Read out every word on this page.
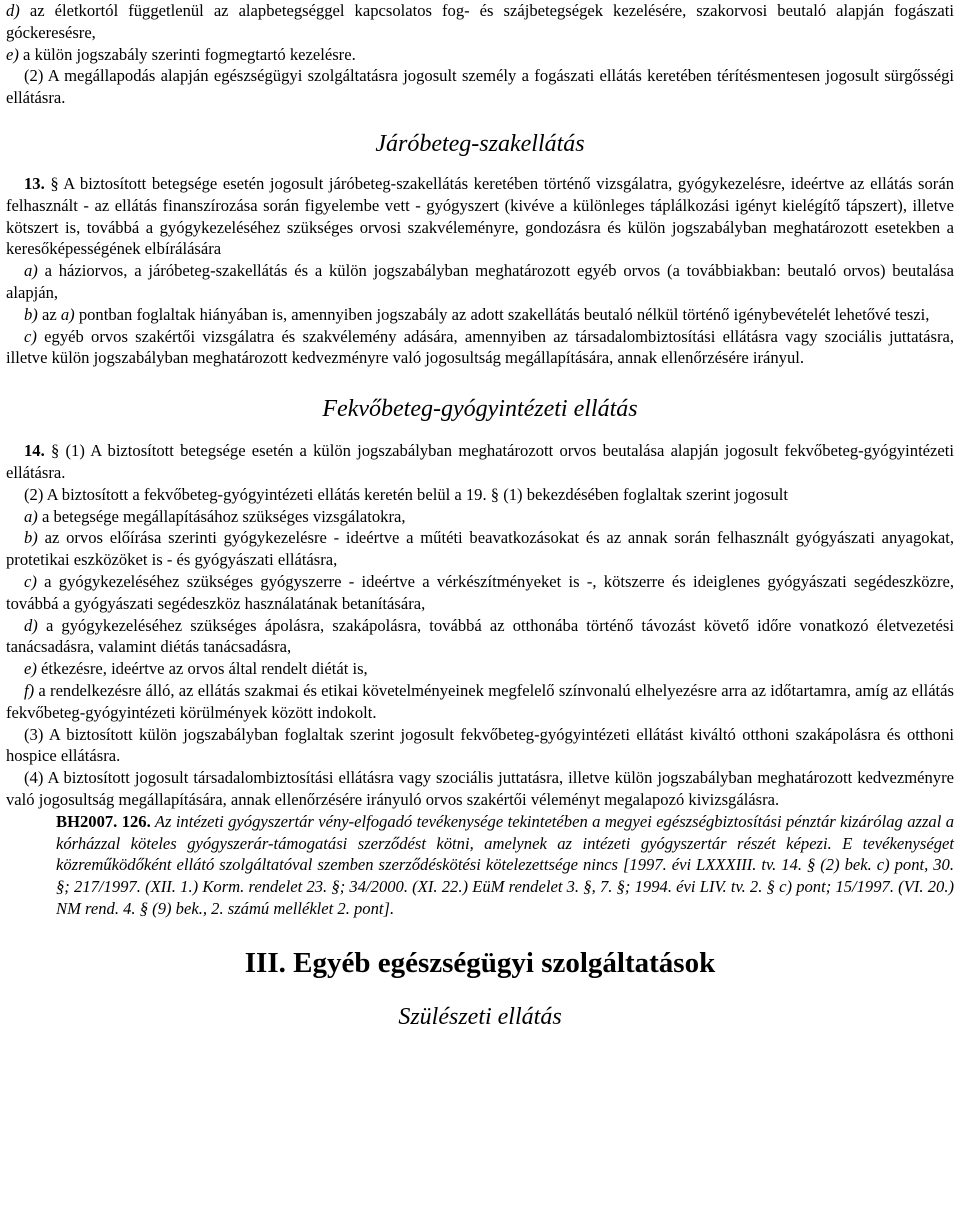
d) az életkortól függetlenül az alapbetegséggel kapcsolatos fog- és szájbetegségek kezelésére, szakorvosi beutaló alapján fogászati góckeresésre,

e) a külön jogszabály szerinti fogmegtartó kezelésre.

(2) A megállapodás alapján egészségügyi szolgáltatásra jogosult személy a fogászati ellátás keretében térítésmentesen jogosult sürgősségi ellátásra.

Járóbeteg-szakellátás

13. § A biztosított betegsége esetén jogosult járóbeteg-szakellátás keretében történő vizsgálatra, gyógykezelésre, ideértve az ellátás során felhasznált - az ellátás finanszírozása során figyelembe vett - gyógyszert (kivéve a különleges táplálkozási igényt kielégítő tápszert), illetve kötszert is, továbbá a gyógykezeléséhez szükséges orvosi szakvéleményre, gondozásra és külön jogszabályban meghatározott esetekben a keresőképességének elbírálására

a) a háziorvos, a járóbeteg-szakellátás és a külön jogszabályban meghatározott egyéb orvos (a továbbiakban: beutaló orvos) beutalása alapján,

b) az a) pontban foglaltak hiányában is, amennyiben jogszabály az adott szakellátás beutaló nélkül történő igénybevételét lehetővé teszi,

c) egyéb orvos szakértői vizsgálatra és szakvélemény adására, amennyiben az társadalombiztosítási ellátásra vagy szociális juttatásra, illetve külön jogszabályban meghatározott kedvezményre való jogosultság megállapítására, annak ellenőrzésére irányul.

Fekvőbeteg-gyógyintézeti ellátás

14. § (1) A biztosított betegsége esetén a külön jogszabályban meghatározott orvos beutalása alapján jogosult fekvőbeteg-gyógyintézeti ellátásra.

(2) A biztosított a fekvőbeteg-gyógyintézeti ellátás keretén belül a 19. § (1) bekezdésében foglaltak szerint jogosult

a) a betegsége megállapításához szükséges vizsgálatokra,

b) az orvos előírása szerinti gyógykezelésre - ideértve a műtéti beavatkozásokat és az annak során felhasznált gyógyászati anyagokat, protetikai eszközöket is - és gyógyászati ellátásra,

c) a gyógykezeléséhez szükséges gyógyszerre - ideértve a vérkészítményeket is -, kötszerre és ideiglenes gyógyászati segédeszközre, továbbá a gyógyászati segédeszköz használatának betanítására,

d) a gyógykezeléséhez szükséges ápolásra, szakápolásra, továbbá az otthonába történő távozást követő időre vonatkozó életvezetési tanácsadásra, valamint diétás tanácsadásra,

e) étkezésre, ideértve az orvos által rendelt diétát is,

f) a rendelkezésre álló, az ellátás szakmai és etikai követelményeinek megfelelő színvonalú elhelyezésre arra az időtartamra, amíg az ellátás fekvőbeteg-gyógyintézeti körülmények között indokolt.

(3) A biztosított külön jogszabályban foglaltak szerint jogosult fekvőbeteg-gyógyintézeti ellátást kiváltó otthoni szakápolásra és otthoni hospice ellátásra.

(4) A biztosított jogosult társadalombiztosítási ellátásra vagy szociális juttatásra, illetve külön jogszabályban meghatározott kedvezményre való jogosultság megállapítására, annak ellenőrzésére irányuló orvos szakértői véleményt megalapozó kivizsgálásra.

BH2007. 126. Az intézeti gyógyszertár vény-elfogadó tevékenysége tekintetében a megyei egészségbiztosítási pénztár kizárólag azzal a kórházzal köteles gyógyszerár-támogatási szerződést kötni, amelynek az intézeti gyógyszertár részét képezi. E tevékenységet közreműködőként ellátó szolgáltatóval szemben szerződéskötési kötelezettsége nincs [1997. évi LXXXIII. tv. 14. § (2) bek. c) pont, 30. §; 217/1997. (XII. 1.) Korm. rendelet 23. §; 34/2000. (XI. 22.) EüM rendelet 3. §, 7. §; 1994. évi LIV. tv. 2. § c) pont; 15/1997. (VI. 20.) NM rend. 4. § (9) bek., 2. számú melléklet 2. pont].

III. Egyéb egészségügyi szolgáltatások
Szülészeti ellátás
